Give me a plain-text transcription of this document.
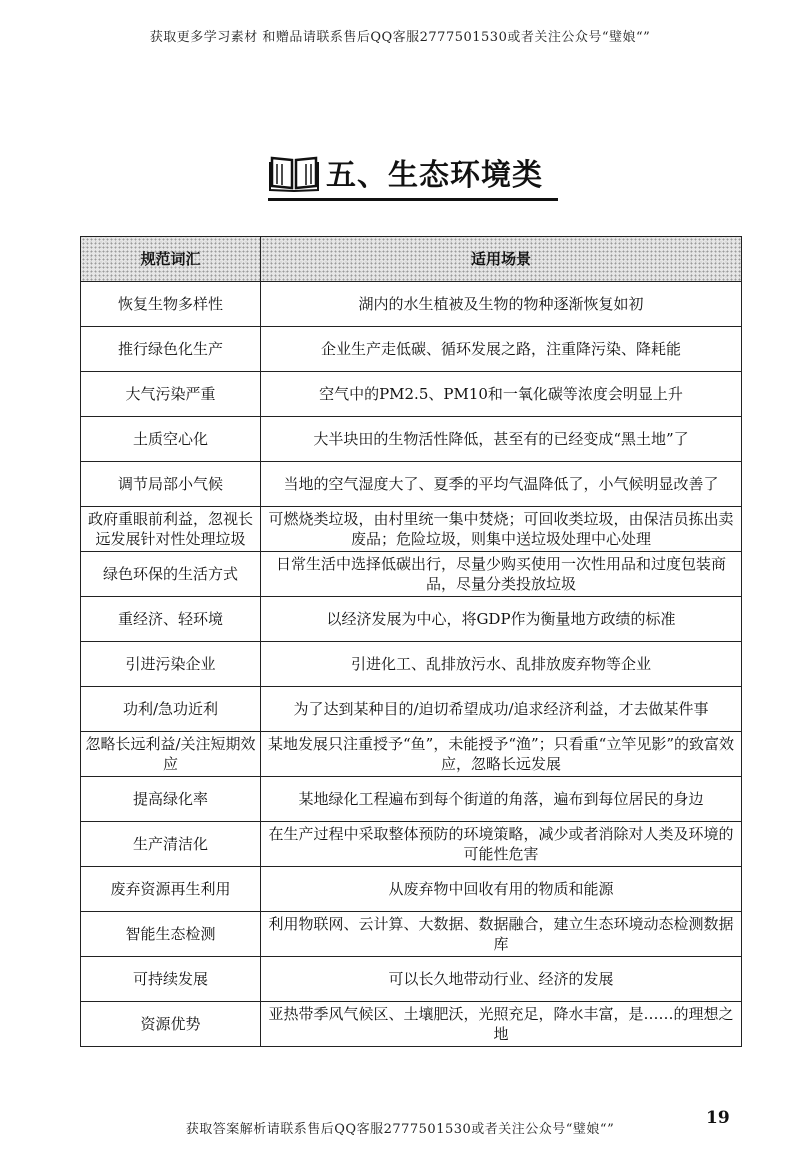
获取更多学习素材 和赠品请联系售后QQ客服2777501530或者关注公众号“璧娘“”
五、生态环境类
规范词汇	适用场景
恢复生物多样性	湖内的水生植被及生物的物种逐渐恢复如初
推行绿色化生产	企业生产走低碳、循环发展之路，注重降污染、降耗能
大气污染严重	空气中的PM2.5、PM10和一氧化碳等浓度会明显上升
土质空心化	大半块田的生物活性降低，甚至有的已经变成“黑土地”了
调节局部小气候	当地的空气湿度大了、夏季的平均气温降低了，小气候明显改善了
政府重眼前利益，忽视长远发展针对性处理垃圾	可燃烧类垃圾，由村里统一集中焚烧；可回收类垃圾，由保洁员拣出卖废品；危险垃圾，则集中送垃圾处理中心处理
绿色环保的生活方式	日常生活中选择低碳出行，尽量少购买使用一次性用品和过度包装商品，尽量分类投放垃圾
重经济、轻环境	以经济发展为中心，将GDP作为衡量地方政绩的标准
引进污染企业	引进化工、乱排放污水、乱排放废弃物等企业
功利/急功近利	为了达到某种目的/迫切希望成功/追求经济利益，才去做某件事
忽略长远利益/关注短期效应	某地发展只注重授予“鱼”，未能授予“渔”；只看重“立竿见影”的致富效应，忽略长远发展
提高绿化率	某地绿化工程遍布到每个街道的角落，遍布到每位居民的身边
生产清洁化	在生产过程中采取整体预防的环境策略，减少或者消除对人类及环境的可能性危害
废弃资源再生利用	从废弃物中回收有用的物质和能源
智能生态检测	利用物联网、云计算、大数据、数据融合，建立生态环境动态检测数据库
可持续发展	可以长久地带动行业、经济的发展
资源优势	亚热带季风气候区、土壤肥沃，光照充足，降水丰富，是……的理想之地
19
获取答案解析请联系售后QQ客服2777501530或者关注公众号“璧娘“”
